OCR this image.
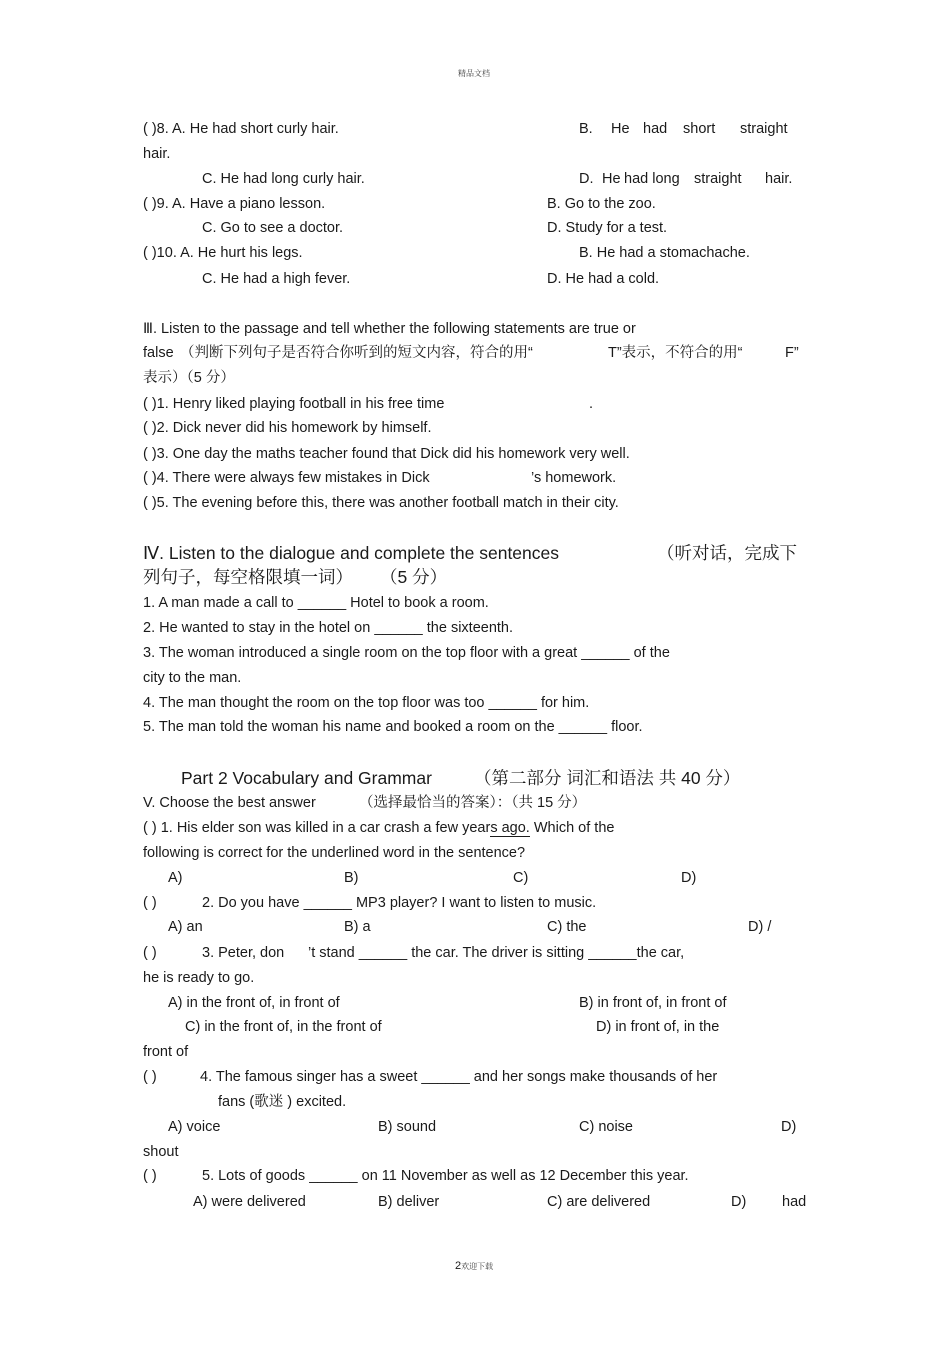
精品文档
( )8. A. He had short curly hair.	B. He had short straight
hair.
C. He had long curly hair.	D. He had long straight hair.
( )9. A. Have a piano lesson.	B. Go to the zoo.
C. Go to see a doctor.	D. Study for a test.
( )10. A. He hurt his legs.	B. He had a stomachache.
C. He had a high fever.	D. He had a cold.
Ⅲ. Listen to the passage and tell whether the following statements are true or
false （判断下列句子是否符合你听到的短文内容，符合的用“	T”表示，不符合的用“	F”
表示）（5 分）
( )1. Henry liked playing football in his free time	.
( )2. Dick never did his homework by himself.
( )3. One day the maths teacher found that Dick did his homework very well.
( )4. There were always few mistakes in Dick	’s homework.
( )5. The evening before this, there was another football match in their city.
Ⅳ. Listen to the dialogue and complete the sentences	（听对话，完成下
列句子，每空格限填一词） （5 分）
1. A man made a call to ______ Hotel to book a room.
2. He wanted to stay in the hotel on ______ the sixteenth.
3. The woman introduced a single room on the top floor with a great ______ of the
city to the man.
4. The man thought the room on the top floor was too ______ for him.
5. The man told the woman his name and booked a room on the ______ floor.
Part 2 Vocabulary and Grammar （第二部分 词汇和语法 共 40 分）
V. Choose the best answer	（选择最恰当的答案）：（共 15 分）
( ) 1. His elder son was killed in a car crash a few years ago. Which of the
following is correct for the underlined word in the sentence?
A)	B)	C)	D)
( )	2. Do you have ______ MP3 player? I want to listen to music.
A) an	B) a	C) the	D) /
( )	3. Peter, don ’t stand ______ the car. The driver is sitting ______the car,
he is ready to go.
A) in the front of, in front of	B) in front of, in front of
C) in the front of, in the front of	D) in front of, in the
front of
( )	4. The famous singer has a sweet ______ and her songs make thousands of her
fans (歌迷 ) excited.
A) voice	B) sound	C) noise	D)
shout
( )	5. Lots of goods ______ on 11 November as well as 12 December this year.
A) were delivered	B) deliver	C) are delivered	D) had
2欢迎下载
